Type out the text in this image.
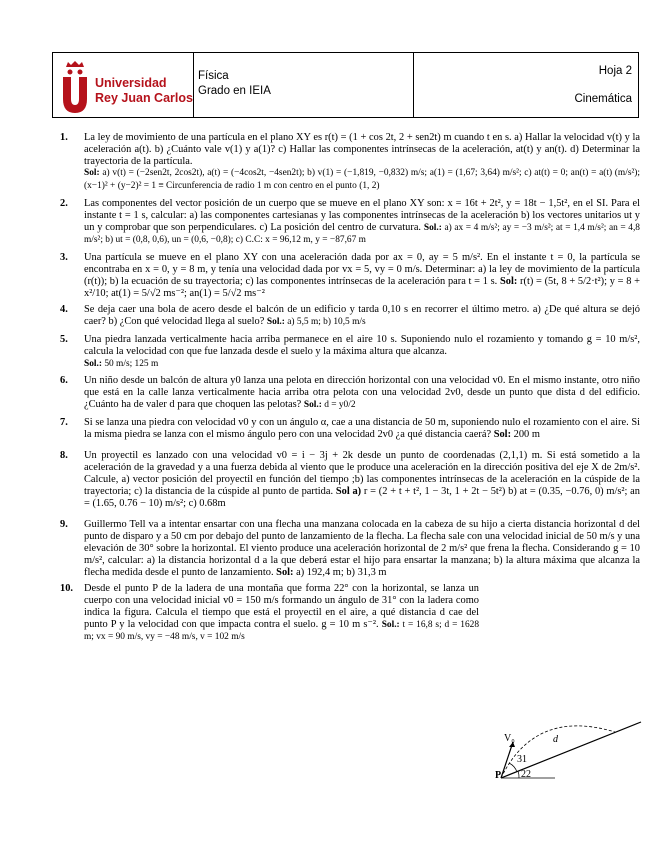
Universidad
Rey Juan Carlos

Física
Grado en IEIA

Hoja 2
Cinemática
1. La ley de movimiento de una partícula en el plano XY es r(t) = (1 + cos 2t, 2 + sen2t) m cuando t en s. a) Hallar la velocidad v(t) y la aceleración a(t). b) ¿Cuánto vale v(1) y a(1)? c) Hallar las componentes intrínsecas de la aceleración, at(t) y an(t). d) Determinar la trayectoria de la partícula.
Sol: a) v(t) = (−2sen2t, 2cos2t), a(t) = (−4cos2t, −4sen2t); b) v(1) = (−1,819, −0,832) m/s; a(1) = (1,67; 3,64) m/s²; c) at(t) = 0; an(t) = a(t) (m/s²); (x−1)² + (y−2)² = 1 ≡ Circunferencia de radio 1 m con centro en el punto (1, 2)
2. Las componentes del vector posición de un cuerpo que se mueve en el plano XY son: x = 16t + 2t², y = 18t − 1,5t², en el SI. Para el instante t = 1 s, calcular: a) las componentes cartesianas y las componentes intrínsecas de la aceleración b) los vectores unitarios ut y un y comprobar que son perpendiculares. c) La posición del centro de curvatura. Sol.: a) ax = 4 m/s²; ay = −3 m/s²; at = 1,4 m/s²; an = 4,8 m/s²; b) ut = (0,8, 0,6), un = (0,6, −0,8); c) C.C: x = 96,12 m, y = −87,67 m
3. Una partícula se mueve en el plano XY con una aceleración dada por ax = 0, ay = 5 m/s². En el instante t = 0, la partícula se encontraba en x = 0, y = 8 m, y tenía una velocidad dada por vx = 5, vy = 0 m/s. Determinar: a) la ley de movimiento de la partícula (r(t)); b) la ecuación de su trayectoria; c) las componentes intrínsecas de la aceleración para t = 1 s. Sol: r(t) = (5t, 8 + 5/2·t²); y = 8 + x²/10; at(1) = 5/√2 ms⁻²; an(1) = 5/√2 ms⁻²
4. Se deja caer una bola de acero desde el balcón de un edificio y tarda 0,10 s en recorrer el último metro. a) ¿De qué altura se dejó caer? b) ¿Con qué velocidad llega al suelo? Sol.: a) 5,5 m; b) 10,5 m/s
5. Una piedra lanzada verticalmente hacia arriba permanece en el aire 10 s. Suponiendo nulo el rozamiento y tomando g = 10 m/s², calcula la velocidad con que fue lanzada desde el suelo y la máxima altura que alcanza.
Sol.: 50 m/s; 125 m
6. Un niño desde un balcón de altura y0 lanza una pelota en dirección horizontal con una velocidad v0. En el mismo instante, otro niño que está en la calle lanza verticalmente hacia arriba otra pelota con una velocidad 2v0, desde un punto que dista d del edificio. ¿Cuánto ha de valer d para que choquen las pelotas? Sol.: d = y0/2
7. Si se lanza una piedra con velocidad v0 y con un ángulo α, cae a una distancia de 50 m, suponiendo nulo el rozamiento con el aire. Si la misma piedra se lanza con el mismo ángulo pero con una velocidad 2v0 ¿a qué distancia caerá? Sol: 200 m
8. Un proyectil es lanzado con una velocidad v0 = i − 3j + 2k desde un punto de coordenadas (2,1,1) m. Si está sometido a la aceleración de la gravedad y a una fuerza debida al viento que le produce una aceleración en la dirección positiva del eje X de 2m/s². Calcule, a) vector posición del proyectil en función del tiempo ;b) las componentes intrínsecas de la aceleración en la cúspide de la trayectoria; c) la distancia de la cúspide al punto de partida. Sol a) r = (2 + t + t², 1 − 3t, 1 + 2t − 5t²) b) at = (0.35, −0.76, 0) m/s²; an = (1.65, 0.76 − 10) m/s²; c) 0.68m
9. Guillermo Tell va a intentar ensartar con una flecha una manzana colocada en la cabeza de su hijo a cierta distancia horizontal d del punto de disparo y a 50 cm por debajo del punto de lanzamiento de la flecha. La flecha sale con una velocidad inicial de 50 m/s y una elevación de 30° sobre la horizontal. El viento produce una aceleración horizontal de 2 m/s² que frena la flecha. Considerando g = 10 m/s², calcular: a) la distancia horizontal d a la que deberá estar el hijo para ensartar la manzana; b) la altura máxima que alcanza la flecha medida desde el punto de lanzamiento. Sol: a) 192,4 m; b) 31,3 m
10. Desde el punto P de la ladera de una montaña que forma 22° con la horizontal, se lanza un cuerpo con una velocidad inicial v0 = 150 m/s formando un ángulo de 31° con la ladera como indica la figura. Calcula el tiempo que está el proyectil en el aire, a qué distancia d cae del punto P y la velocidad con que impacta contra el suelo. g = 10 m s⁻². Sol.: t = 16,8 s; d = 1628 m; vx = 90 m/s, vy = −48 m/s, v = 102 m/s
V₀	d
31
22
P
